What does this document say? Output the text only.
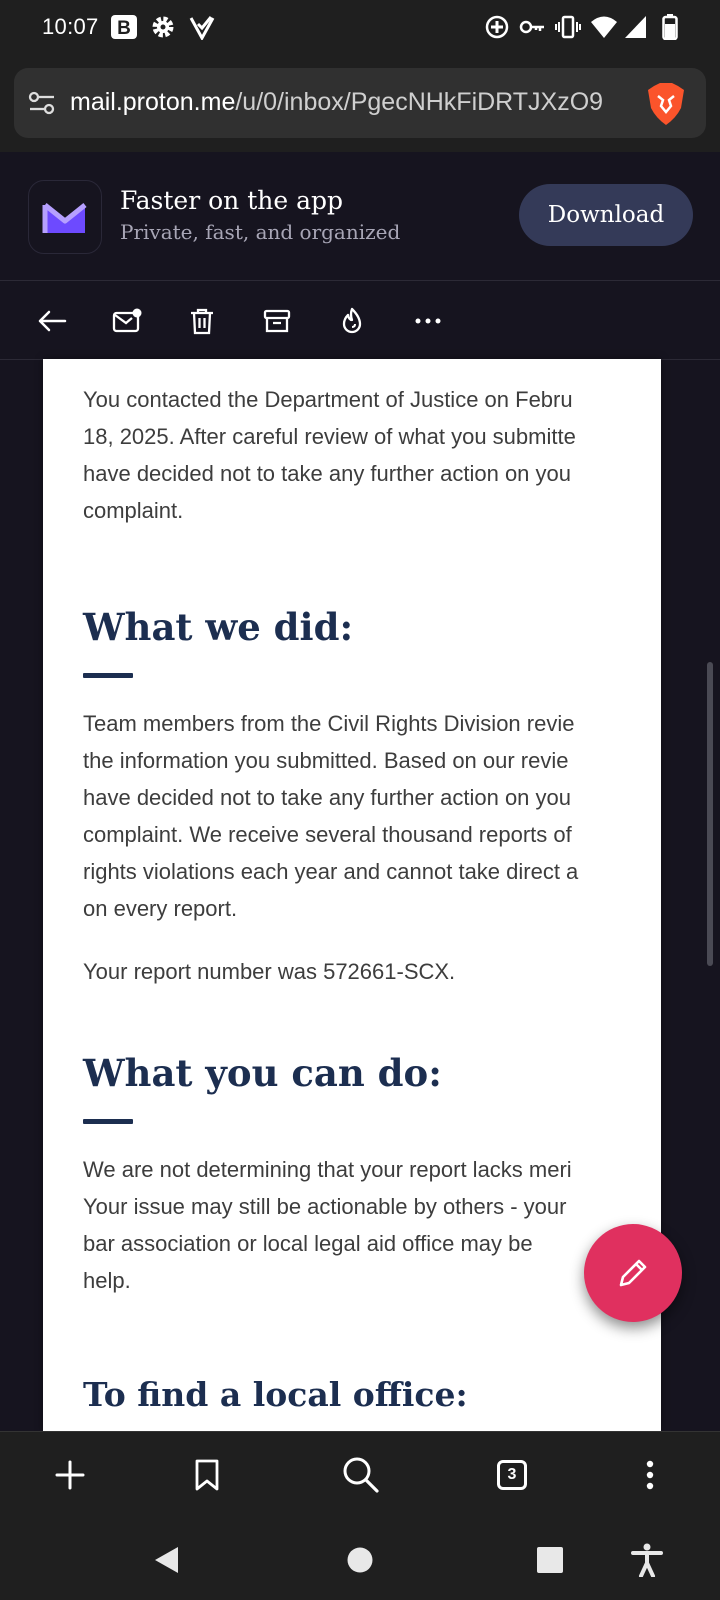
10:07 B
mail.proton.me/u/0/inbox/PgecNHkFiDRTJXzO9
Faster on the app
Private, fast, and organized
Download
You contacted the Department of Justice on Febru
18, 2025. After careful review of what you submitte
have decided not to take any further action on you
complaint.
What we did:
Team members from the Civil Rights Division revie
the information you submitted. Based on our revie
have decided not to take any further action on you
complaint. We receive several thousand reports of
rights violations each year and cannot take direct a
on every report.
Your report number was 572661-SCX.
What you can do:
We are not determining that your report lacks meri
Your issue may still be actionable by others - your
bar association or local legal aid office may be
help.
To find a local office:
3
